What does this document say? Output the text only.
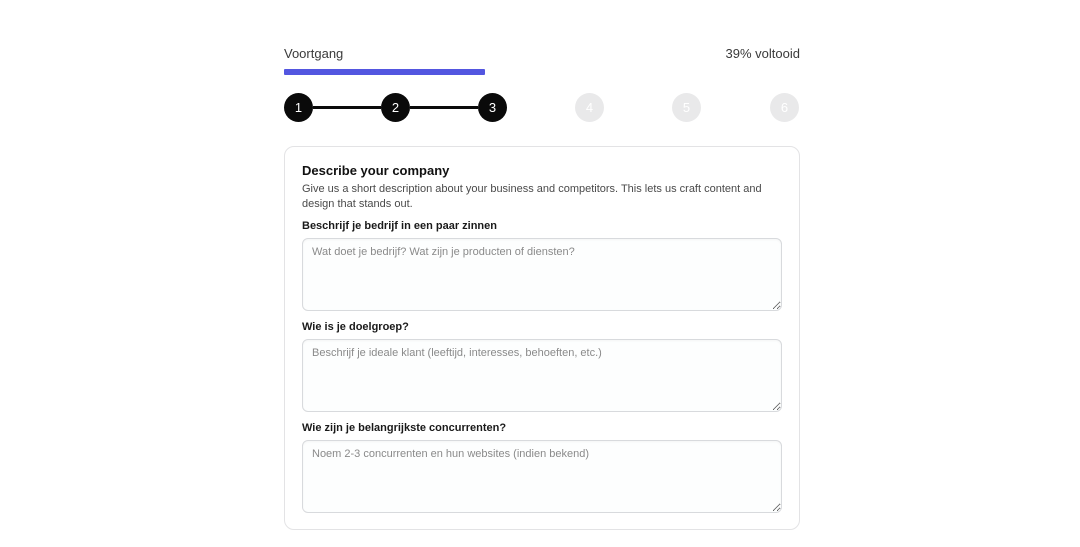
Voortgang	39% voltooid
1	2	3	4	5	6
Describe your company
Give us a short description about your business and competitors. This lets us craft content and design that stands out.
Beschrijf je bedrijf in een paar zinnen
Wat doet je bedrijf? Wat zijn je producten of diensten?
Wie is je doelgroep?
Beschrijf je ideale klant (leeftijd, interesses, behoeften, etc.)
Wie zijn je belangrijkste concurrenten?
Noem 2-3 concurrenten en hun websites (indien bekend)
